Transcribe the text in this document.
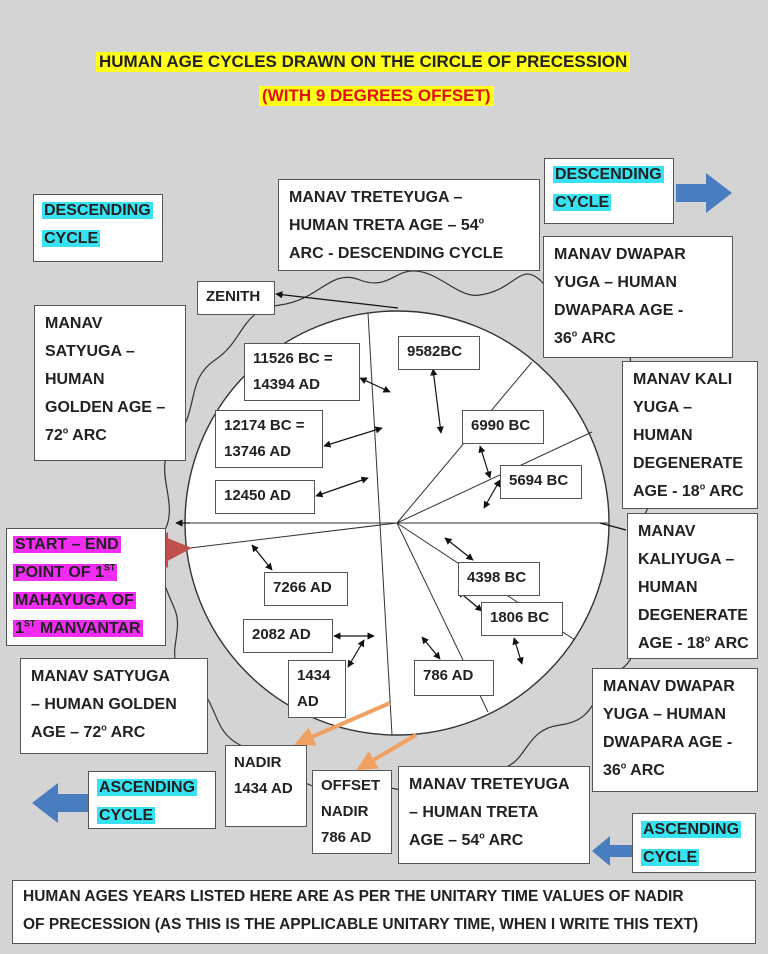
HUMAN AGE CYCLES DRAWN ON THE CIRCLE OF PRECESSION
(WITH 9 DEGREES OFFSET)
DESCENDING
CYCLE
DESCENDING
CYCLE
ASCENDING
CYCLE
ASCENDING
CYCLE
MANAV TRETEYUGA –
HUMAN TRETA AGE – 54$^o$
ARC - DESCENDING CYCLE	MANAV DWAPAR
YUGA – HUMAN
DWAPARA AGE -
36$^o$ ARC
MANAV KALI
YUGA –
HUMAN
DEGENERATE
AGE - 18$^o$ ARC
MANAV
KALIYUGA –
HUMAN
DEGENERATE
AGE - 18$^o$ ARC
MANAV DWAPAR
YUGA – HUMAN
DWAPARA AGE -
36$^o$ ARC
MANAV TRETEYUGA
– HUMAN TRETA
AGE – 54$^o$ ARC
MANAV SATYUGA
– HUMAN GOLDEN
AGE – 72$^o$ ARC
MANAV
SATYUGA –
HUMAN
GOLDEN AGE –
72$^o$ ARC
START – END
POINT OF 1ST
MAHAYUGA OF
1ST MANVANTAR
ZENITH
NADIR
1434 AD	OFFSET
NADIR
786 AD
11526 BC =
14394 AD
12174 BC =
13746 AD
12450 AD
9582BC
6990 BC
5694 BC
4398 BC
1806 BC
786 AD
1434
AD
2082 AD
7266 AD
HUMAN AGES YEARS LISTED HERE ARE AS PER THE UNITARY TIME VALUES OF NADIR
OF PRECESSION (AS THIS IS THE APPLICABLE UNITARY TIME, WHEN I WRITE THIS TEXT)
